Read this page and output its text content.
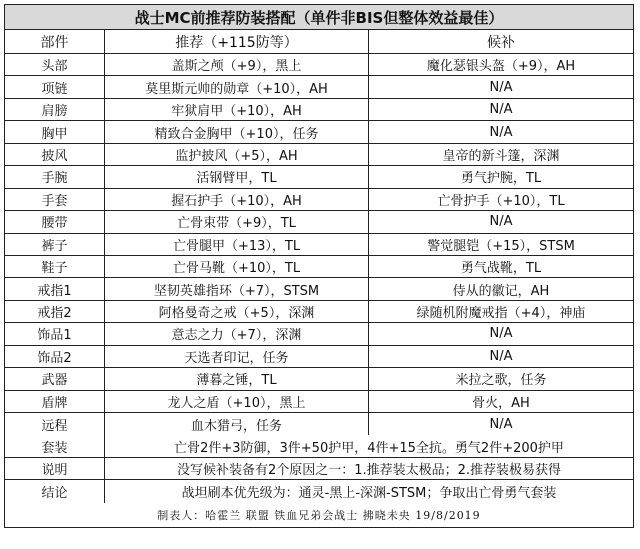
战士MC前推荐防装搭配（单件非BIS但整体效益最佳）
部件	推荐（+115防等）	候补
头部	盖斯之颅（+9），黑上	魔化瑟银头盔（+9），AH
项链	莫里斯元帅的勋章（+10），AH	N/A
肩膀	牢狱肩甲（+10），AH	N/A
胸甲	精致合金胸甲（+10），任务	N/A
披风	监护披风（+5），AH	皇帝的新斗篷，深渊
手腕	活钢臂甲，TL	勇气护腕，TL
手套	握石护手（+10），AH	亡骨护手（+10），TL
腰带	亡骨束带（+9），TL	N/A
裤子	亡骨腿甲（+13），TL	警觉腿铠（+15），STSM
鞋子	亡骨马靴（+10），TL	勇气战靴，TL
戒指1	坚韧英雄指环（+7），STSM	侍从的徽记，AH
戒指2	阿格曼奇之戒（+5），深渊	绿随机附魔戒指（+4），神庙
饰品1	意志之力（+7），深渊	N/A
饰品2	天选者印记，任务	N/A
武器	薄暮之锤，TL	米拉之歌，任务
盾牌	龙人之盾（+10），黑上	骨火，AH
远程	血木猎弓，任务	N/A
套装	亡骨2件+3防御，3件+50护甲，4件+15全抗。勇气2件+200护甲
说明	没写候补装备有2个原因之一：1.推荐装太极品；2.推荐装极易获得
结论	战坦刷本优先级为：通灵-黑上-深渊-STSM；争取出亡骨勇气套装
制表人：哈霍兰 联盟 铁血兄弟会战士 拂晓未央 19/8/2019
